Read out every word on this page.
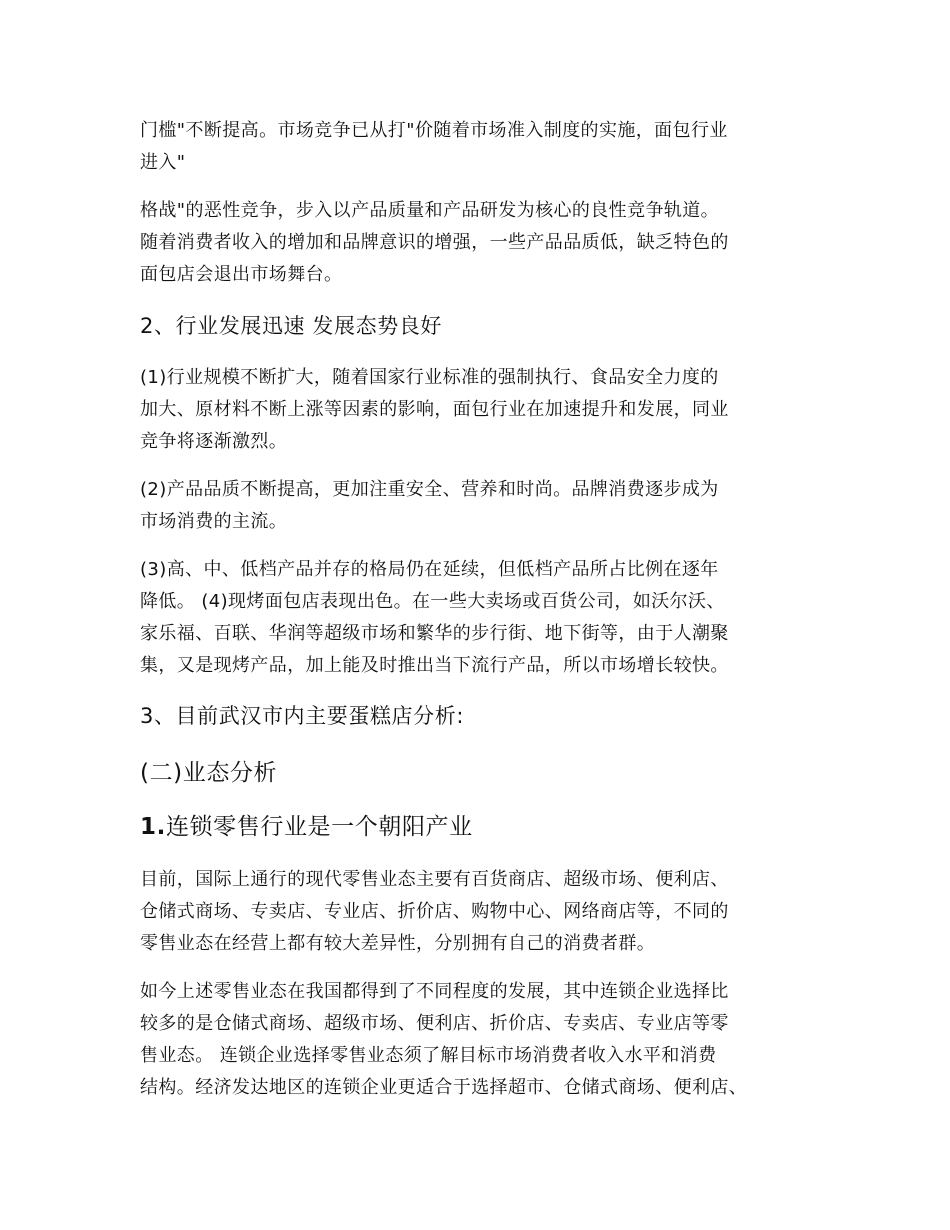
门槛"不断提高。市场竞争已从打"价随着市场准入制度的实施，面包行业
进入"
格战"的恶性竞争，步入以产品质量和产品研发为核心的良性竞争轨道。
随着消费者收入的增加和品牌意识的增强，一些产品品质低，缺乏特色的
面包店会退出市场舞台。
2、行业发展迅速 发展态势良好
(1)行业规模不断扩大，随着国家行业标准的强制执行、食品安全力度的
加大、原材料不断上涨等因素的影响，面包行业在加速提升和发展，同业
竞争将逐渐激烈。
(2)产品品质不断提高，更加注重安全、营养和时尚。品牌消费逐步成为
市场消费的主流。
(3)高、中、低档产品并存的格局仍在延续，但低档产品所占比例在逐年
降低。 (4)现烤面包店表现出色。在一些大卖场或百货公司，如沃尔沃、
家乐福、百联、华润等超级市场和繁华的步行街、地下街等，由于人潮聚
集，又是现烤产品，加上能及时推出当下流行产品，所以市场增长较快。
3、目前武汉市内主要蛋糕店分析:
(二)业态分析
1.连锁零售行业是一个朝阳产业
目前，国际上通行的现代零售业态主要有百货商店、超级市场、便利店、
仓储式商场、专卖店、专业店、折价店、购物中心、网络商店等，不同的
零售业态在经营上都有较大差异性，分别拥有自己的消费者群。
如今上述零售业态在我国都得到了不同程度的发展，其中连锁企业选择比
较多的是仓储式商场、超级市场、便利店、折价店、专卖店、专业店等零
售业态。 连锁企业选择零售业态须了解目标市场消费者收入水平和消费
结构。经济发达地区的连锁企业更适合于选择超市、仓储式商场、便利店、
